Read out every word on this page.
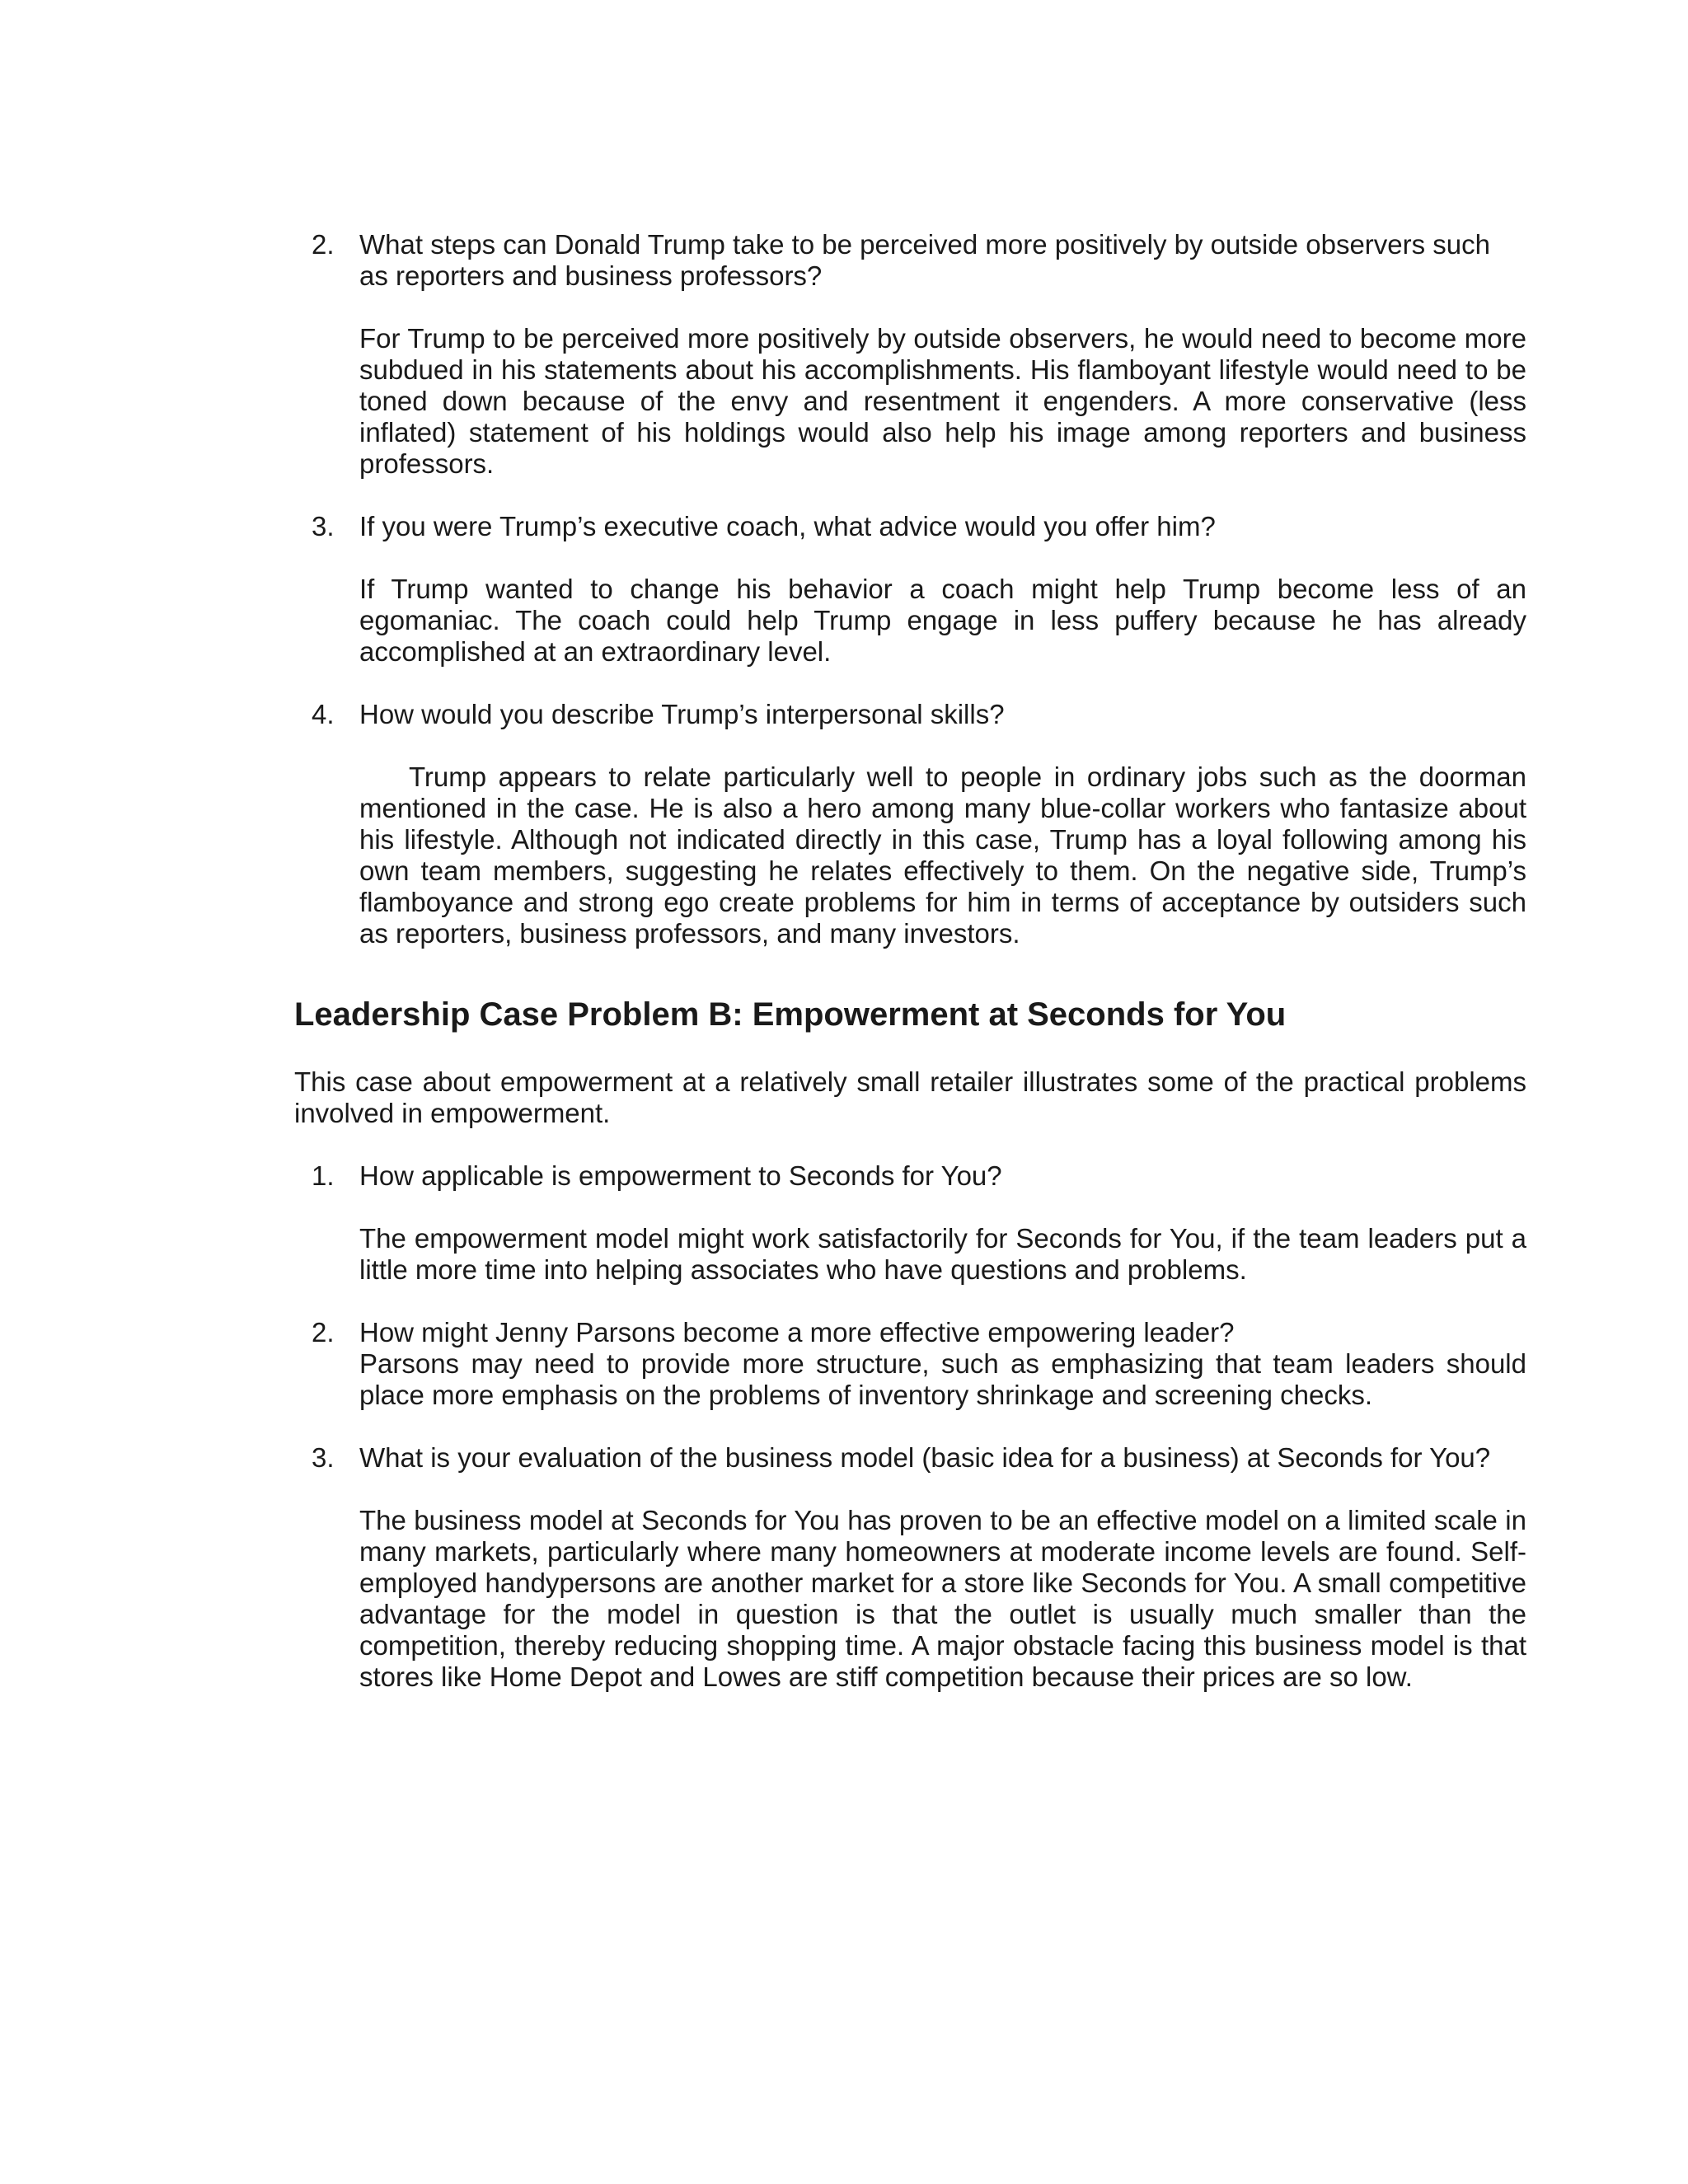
2. What steps can Donald Trump take to be perceived more positively by outside observers such as reporters and business professors?
For Trump to be perceived more positively by outside observers, he would need to become more subdued in his statements about his accomplishments. His flamboyant lifestyle would need to be toned down because of the envy and resentment it engenders. A more conservative (less inflated) statement of his holdings would also help his image among reporters and business professors.
3. If you were Trump’s executive coach, what advice would you offer him?
If Trump wanted to change his behavior a coach might help Trump become less of an egomaniac. The coach could help Trump engage in less puffery because he has already accomplished at an extraordinary level.
4. How would you describe Trump’s interpersonal skills?
Trump appears to relate particularly well to people in ordinary jobs such as the doorman mentioned in the case. He is also a hero among many blue-collar workers who fantasize about his lifestyle. Although not indicated directly in this case, Trump has a loyal following among his own team members, suggesting he relates effectively to them. On the negative side, Trump’s flamboyance and strong ego create problems for him in terms of acceptance by outsiders such as reporters, business professors, and many investors.
Leadership Case Problem B: Empowerment at Seconds for You
This case about empowerment at a relatively small retailer illustrates some of the practical problems involved in empowerment.
1. How applicable is empowerment to Seconds for You?
The empowerment model might work satisfactorily for Seconds for You, if the team leaders put a little more time into helping associates who have questions and problems.
2. How might Jenny Parsons become a more effective empowering leader?
Parsons may need to provide more structure, such as emphasizing that team leaders should place more emphasis on the problems of inventory shrinkage and screening checks.
3. What is your evaluation of the business model (basic idea for a business) at Seconds for You?
The business model at Seconds for You has proven to be an effective model on a limited scale in many markets, particularly where many homeowners at moderate income levels are found. Self-employed handypersons are another market for a store like Seconds for You. A small competitive advantage for the model in question is that the outlet is usually much smaller than the competition, thereby reducing shopping time. A major obstacle facing this business model is that stores like Home Depot and Lowes are stiff competition because their prices are so low.
